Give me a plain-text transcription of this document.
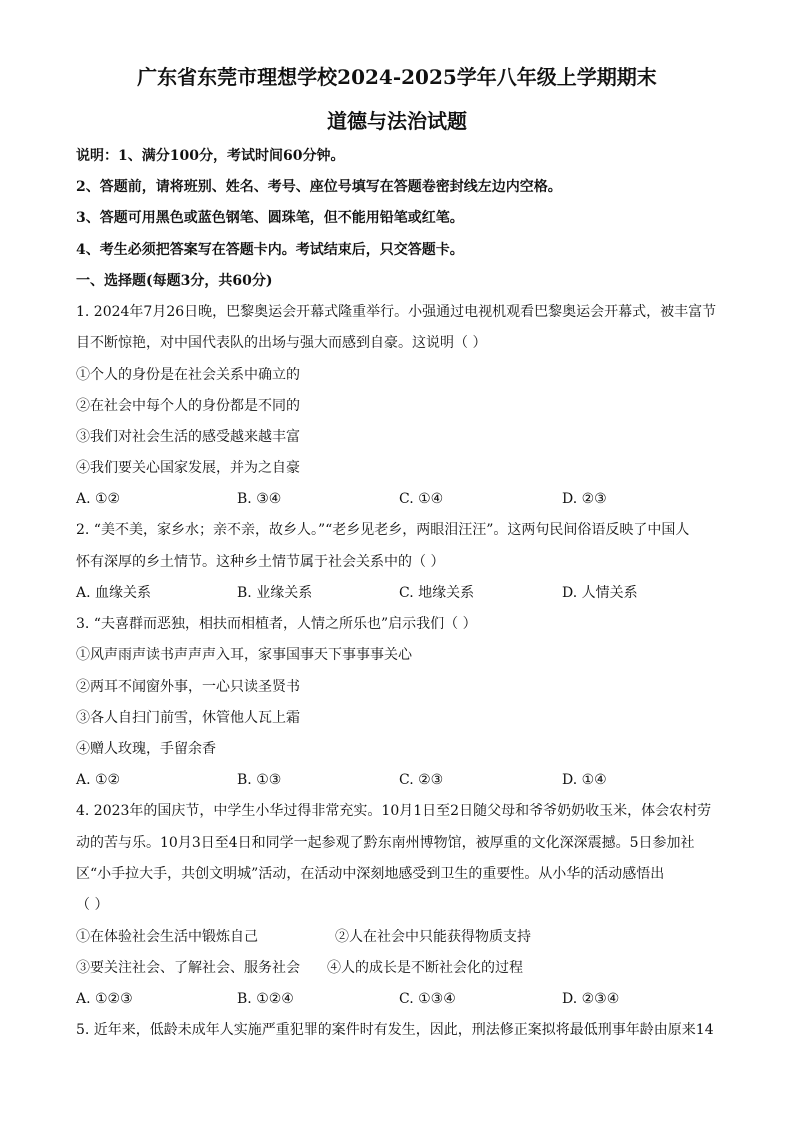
广东省东莞市理想学校2024-2025学年八年级上学期期末
道德与法治试题
说明：1、满分100分，考试时间60分钟。
2、答题前，请将班别、姓名、考号、座位号填写在答题卷密封线左边内空格。
3、答题可用黑色或蓝色钢笔、圆珠笔，但不能用铅笔或红笔。
4、考生必须把答案写在答题卡内。考试结束后，只交答题卡。
一、选择题(每题3分，共60分)
1. 2024年7月26日晚，巴黎奥运会开幕式隆重举行。小强通过电视机观看巴黎奥运会开幕式，被丰富节
目不断惊艳，对中国代表队的出场与强大而感到自豪。这说明（ ）
①个人的身份是在社会关系中确立的
②在社会中每个人的身份都是不同的
③我们对社会生活的感受越来越丰富
④我们要关心国家发展，并为之自豪
A. ①②	B. ③④	C. ①④	D. ②③
2. “美不美，家乡水；亲不亲，故乡人。”“老乡见老乡，两眼泪汪汪”。这两句民间俗语反映了中国人
怀有深厚的乡土情节。这种乡土情节属于社会关系中的（ ）
A. 血缘关系	B. 业缘关系	C. 地缘关系	D. 人情关系
3. “夫喜群而恶独，相扶而相植者，人情之所乐也”启示我们（ ）
①风声雨声读书声声声入耳，家事国事天下事事事关心
②两耳不闻窗外事，一心只读圣贤书
③各人自扫门前雪，休管他人瓦上霜
④赠人玫瑰，手留余香
A. ①②	B. ①③	C. ②③	D. ①④
4. 2023年的国庆节，中学生小华过得非常充实。10月1日至2日随父母和爷爷奶奶收玉米，体会农村劳
动的苦与乐。10月3日至4日和同学一起参观了黔东南州博物馆，被厚重的文化深深震撼。5日参加社
区“小手拉大手，共创文明城”活动，在活动中深刻地感受到卫生的重要性。从小华的活动感悟出
（ ）
①在体验社会生活中锻炼自己	②人在社会中只能获得物质支持
③要关注社会、了解社会、服务社会 ④人的成长是不断社会化的过程
A. ①②③	B. ①②④	C. ①③④	D. ②③④
5. 近年来，低龄未成年人实施严重犯罪的案件时有发生，因此，刑法修正案拟将最低刑事年龄由原来14
